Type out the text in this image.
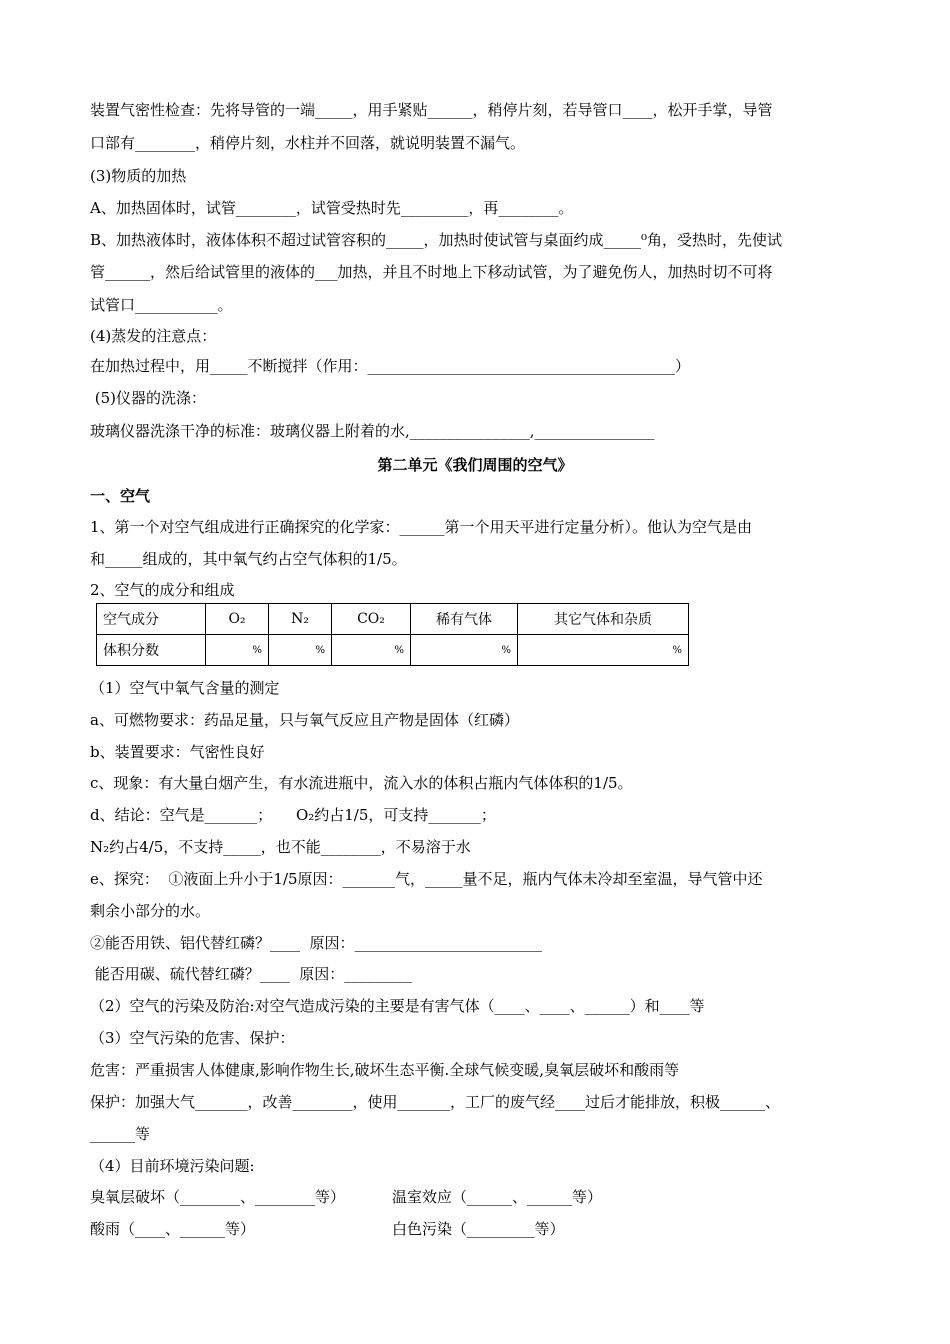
装置气密性检查：先将导管的一端_____，用手紧贴______，稍停片刻，若导管口____，松开手掌，导管
口部有________，稍停片刻，水柱并不回落，就说明装置不漏气。
(3)物质的加热
A、加热固体时，试管________，试管受热时先_________，再________。
B、加热液体时，液体体积不超过试管容积的_____，加热时使试管与桌面约成_____⁰角，受热时，先使试
管______，然后给试管里的液体的___加热，并且不时地上下移动试管，为了避免伤人，加热时切不可将
试管口___________。
(4)蒸发的注意点：
在加热过程中，用_____不断搅拌（作用：_________________________________________）
(5)仪器的洗涤：
玻璃仪器洗涤干净的标准：玻璃仪器上附着的水,________________,________________
第二单元《我们周围的空气》
一、空气
1、第一个对空气组成进行正确探究的化学家：______第一个用天平进行定量分析）。他认为空气是由
和_____组成的，其中氧气约占空气体积的1/5。
2、空气的成分和组成
空气成分	O₂	N₂	CO₂	稀有气体	其它气体和杂质
体积分数	%	%	%	%	%
（1）空气中氧气含量的测定
a、可燃物要求：药品足量，只与氧气反应且产物是固体（红磷）
b、装置要求：气密性良好
c、现象：有大量白烟产生，有水流进瓶中，流入水的体积占瓶内气体体积的1/5。
d、结论：空气是_______；     O₂约占1/5，可支持_______；
N₂约占4/5，不支持_____，也不能________，不易溶于水
e、探究：  ①液面上升小于1/5原因：_______气，_____量不足，瓶内气体未冷却至室温，导气管中还
剩余小部分的水。
②能否用铁、铝代替红磷？____  原因：_________________________
能否用碳、硫代替红磷？____  原因：_________
（2）空气的污染及防治:对空气造成污染的主要是有害气体（____、____、______）和____等
（3）空气污染的危害、保护：
危害：严重损害人体健康,影响作物生长,破坏生态平衡.全球气候变暖,臭氧层破坏和酸雨等
保护：加强大气_______，改善________，使用_______，工厂的废气经____过后才能排放，积极______、
______等
（4）目前环境污染问题:
臭氧层破坏（________、________等）	温室效应（______、______等）
酸雨（____、______等）	白色污染（_________等）
